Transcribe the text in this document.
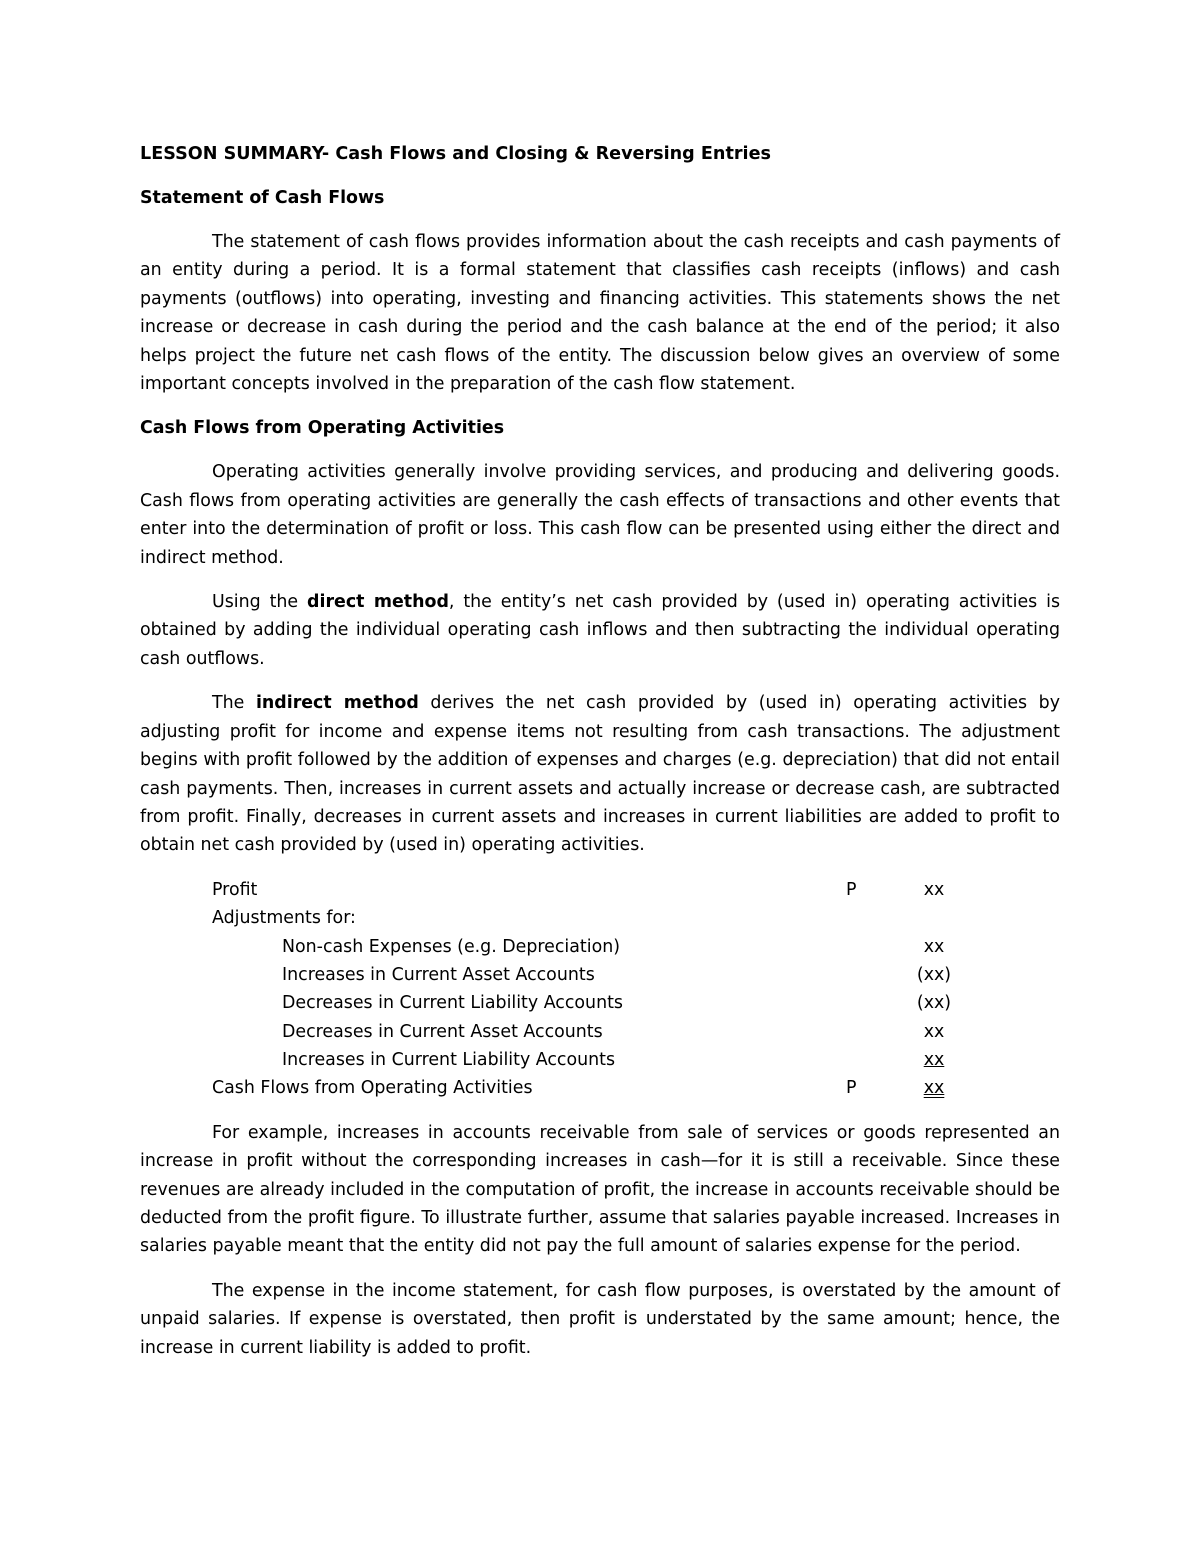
LESSON SUMMARY- Cash Flows and Closing & Reversing Entries
Statement of Cash Flows

The statement of cash flows provides information about the cash receipts and cash payments of an entity during a period. It is a formal statement that classifies cash receipts (inflows) and cash payments (outflows) into operating, investing and financing activities. This statements shows the net increase or decrease in cash during the period and the cash balance at the end of the period; it also helps project the future net cash flows of the entity. The discussion below gives an overview of some important concepts involved in the preparation of the cash flow statement.

Cash Flows from Operating Activities

Operating activities generally involve providing services, and producing and delivering goods. Cash flows from operating activities are generally the cash effects of transactions and other events that enter into the determination of profit or loss. This cash flow can be presented using either the direct and indirect method.

Using the direct method, the entity’s net cash provided by (used in) operating activities is obtained by adding the individual operating cash inflows and then subtracting the individual operating cash outflows.

The indirect method derives the net cash provided by (used in) operating activities by adjusting profit for income and expense items not resulting from cash transactions. The adjustment begins with profit followed by the addition of expenses and charges (e.g. depreciation) that did not entail cash payments. Then, increases in current assets and actually increase or decrease cash, are subtracted from profit. Finally, decreases in current assets and increases in current liabilities are added to profit to obtain net cash provided by (used in) operating activities.

Profit	P	xx
Adjustments for:
Non-cash Expenses (e.g. Depreciation)	xx
Increases in Current Asset Accounts	(xx)
Decreases in Current Liability Accounts	(xx)
Decreases in Current Asset Accounts	xx
Increases in Current Liability Accounts	xx
Cash Flows from Operating Activities	P	xx

For example, increases in accounts receivable from sale of services or goods represented an increase in profit without the corresponding increases in cash—for it is still a receivable. Since these revenues are already included in the computation of profit, the increase in accounts receivable should be deducted from the profit figure. To illustrate further, assume that salaries payable increased. Increases in salaries payable meant that the entity did not pay the full amount of salaries expense for the period.

The expense in the income statement, for cash flow purposes, is overstated by the amount of unpaid salaries. If expense is overstated, then profit is understated by the same amount; hence, the increase in current liability is added to profit.
